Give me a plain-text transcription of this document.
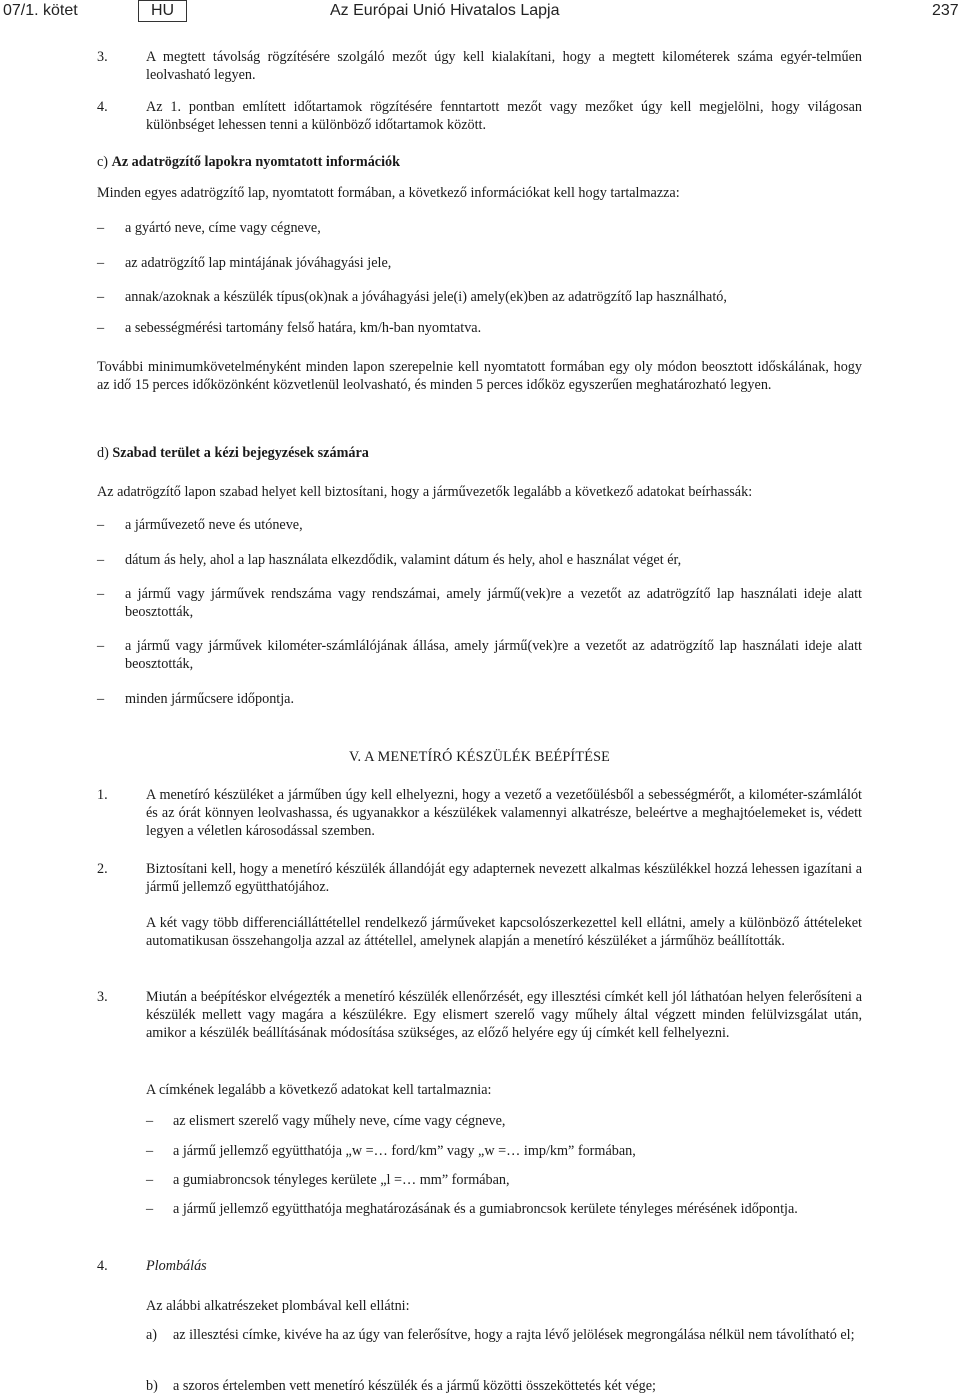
07/1. kötet	HU	Az Európai Unió Hivatalos Lapja	237
3.	A megtett távolság rögzítésére szolgáló mezőt úgy kell kialakítani, hogy a megtett kilométerek száma egyér-telműen leolvasható legyen.

4.	Az 1. pontban említett időtartamok rögzítésére fenntartott mezőt vagy mezőket úgy kell megjelölni, hogy világosan különbséget lehessen tenni a különböző időtartamok között.

c) Az adatrögzítő lapokra nyomtatott információk

Minden egyes adatrögzítő lap, nyomtatott formában, a következő információkat kell hogy tartalmazza:

– a gyártó neve, címe vagy cégneve,

– az adatrögzítő lap mintájának jóváhagyási jele,

– annak/azoknak a készülék típus(ok)nak a jóváhagyási jele(i) amely(ek)ben az adatrögzítő lap használható,

– a sebességmérési tartomány felső határa, km/h-ban nyomtatva.

További minimumkövetelményként minden lapon szerepelnie kell nyomtatott formában egy oly módon beosztott időskálának, hogy az idő 15 perces időközönként közvetlenül leolvasható, és minden 5 perces időköz egyszerűen meghatározható legyen.

d) Szabad terület a kézi bejegyzések számára

Az adatrögzítő lapon szabad helyet kell biztosítani, hogy a járművezetők legalább a következő adatokat beírhassák:

– a járművezető neve és utóneve,

– dátum ás hely, ahol a lap használata elkezdődik, valamint dátum és hely, ahol e használat véget ér,

– a jármű vagy járművek rendszáma vagy rendszámai, amely jármű(vek)re a vezetőt az adatrögzítő lap használati ideje alatt beosztották,

– a jármű vagy járművek kilométer-számlálójának állása, amely jármű(vek)re a vezetőt az adatrögzítő lap használati ideje alatt beosztották,

– minden járműcsere időpontja.

V. A MENETÍRÓ KÉSZÜLÉK BEÉPÍTÉSE
1.	A menetíró készüléket a járműben úgy kell elhelyezni, hogy a vezető a vezetőülésből a sebességmérőt, a kilométer-számlálót és az órát könnyen leolvashassa, és ugyanakkor a készülékek valamennyi alkatrésze, beleértve a meghajtóelemeket is, védett legyen a véletlen károsodással szemben.

2.	Biztosítani kell, hogy a menetíró készülék állandóját egy adapternek nevezett alkalmas készülékkel hozzá lehessen igazítani a jármű jellemző együtthatójához.

A két vagy több differenciálláttétellel rendelkező járműveket kapcsolószerkezettel kell ellátni, amely a különböző áttételeket automatikusan összehangolja azzal az áttétellel, amelynek alapján a menetíró készüléket a járműhöz beállították.

3.	Miután a beépítéskor elvégezték a menetíró készülék ellenőrzését, egy illesztési címkét kell jól láthatóan helyen felerősíteni a készülék mellett vagy magára a készülékre. Egy elismert szerelő vagy műhely által végzett minden felülvizsgálat után, amikor a készülék beállításának módosítása szükséges, az előző helyére egy új címkét kell felhelyezni.

A címkének legalább a következő adatokat kell tartalmaznia:

– az elismert szerelő vagy műhely neve, címe vagy cégneve,

– a jármű jellemző együtthatója „w =… ford/km” vagy „w =… imp/km” formában,

– a gumiabroncsok tényleges kerülete „l =… mm” formában,

– a jármű jellemző együtthatója meghatározásának és a gumiabroncsok kerülete tényleges mérésének időpontja.

4.	Plombálás

Az alábbi alkatrészeket plombával kell ellátni:

a) az illesztési címke, kivéve ha az úgy van felerősítve, hogy a rajta lévő jelölések megrongálása nélkül nem távolítható el;

b) a szoros értelemben vett menetíró készülék és a jármű közötti összeköttetés két vége;
